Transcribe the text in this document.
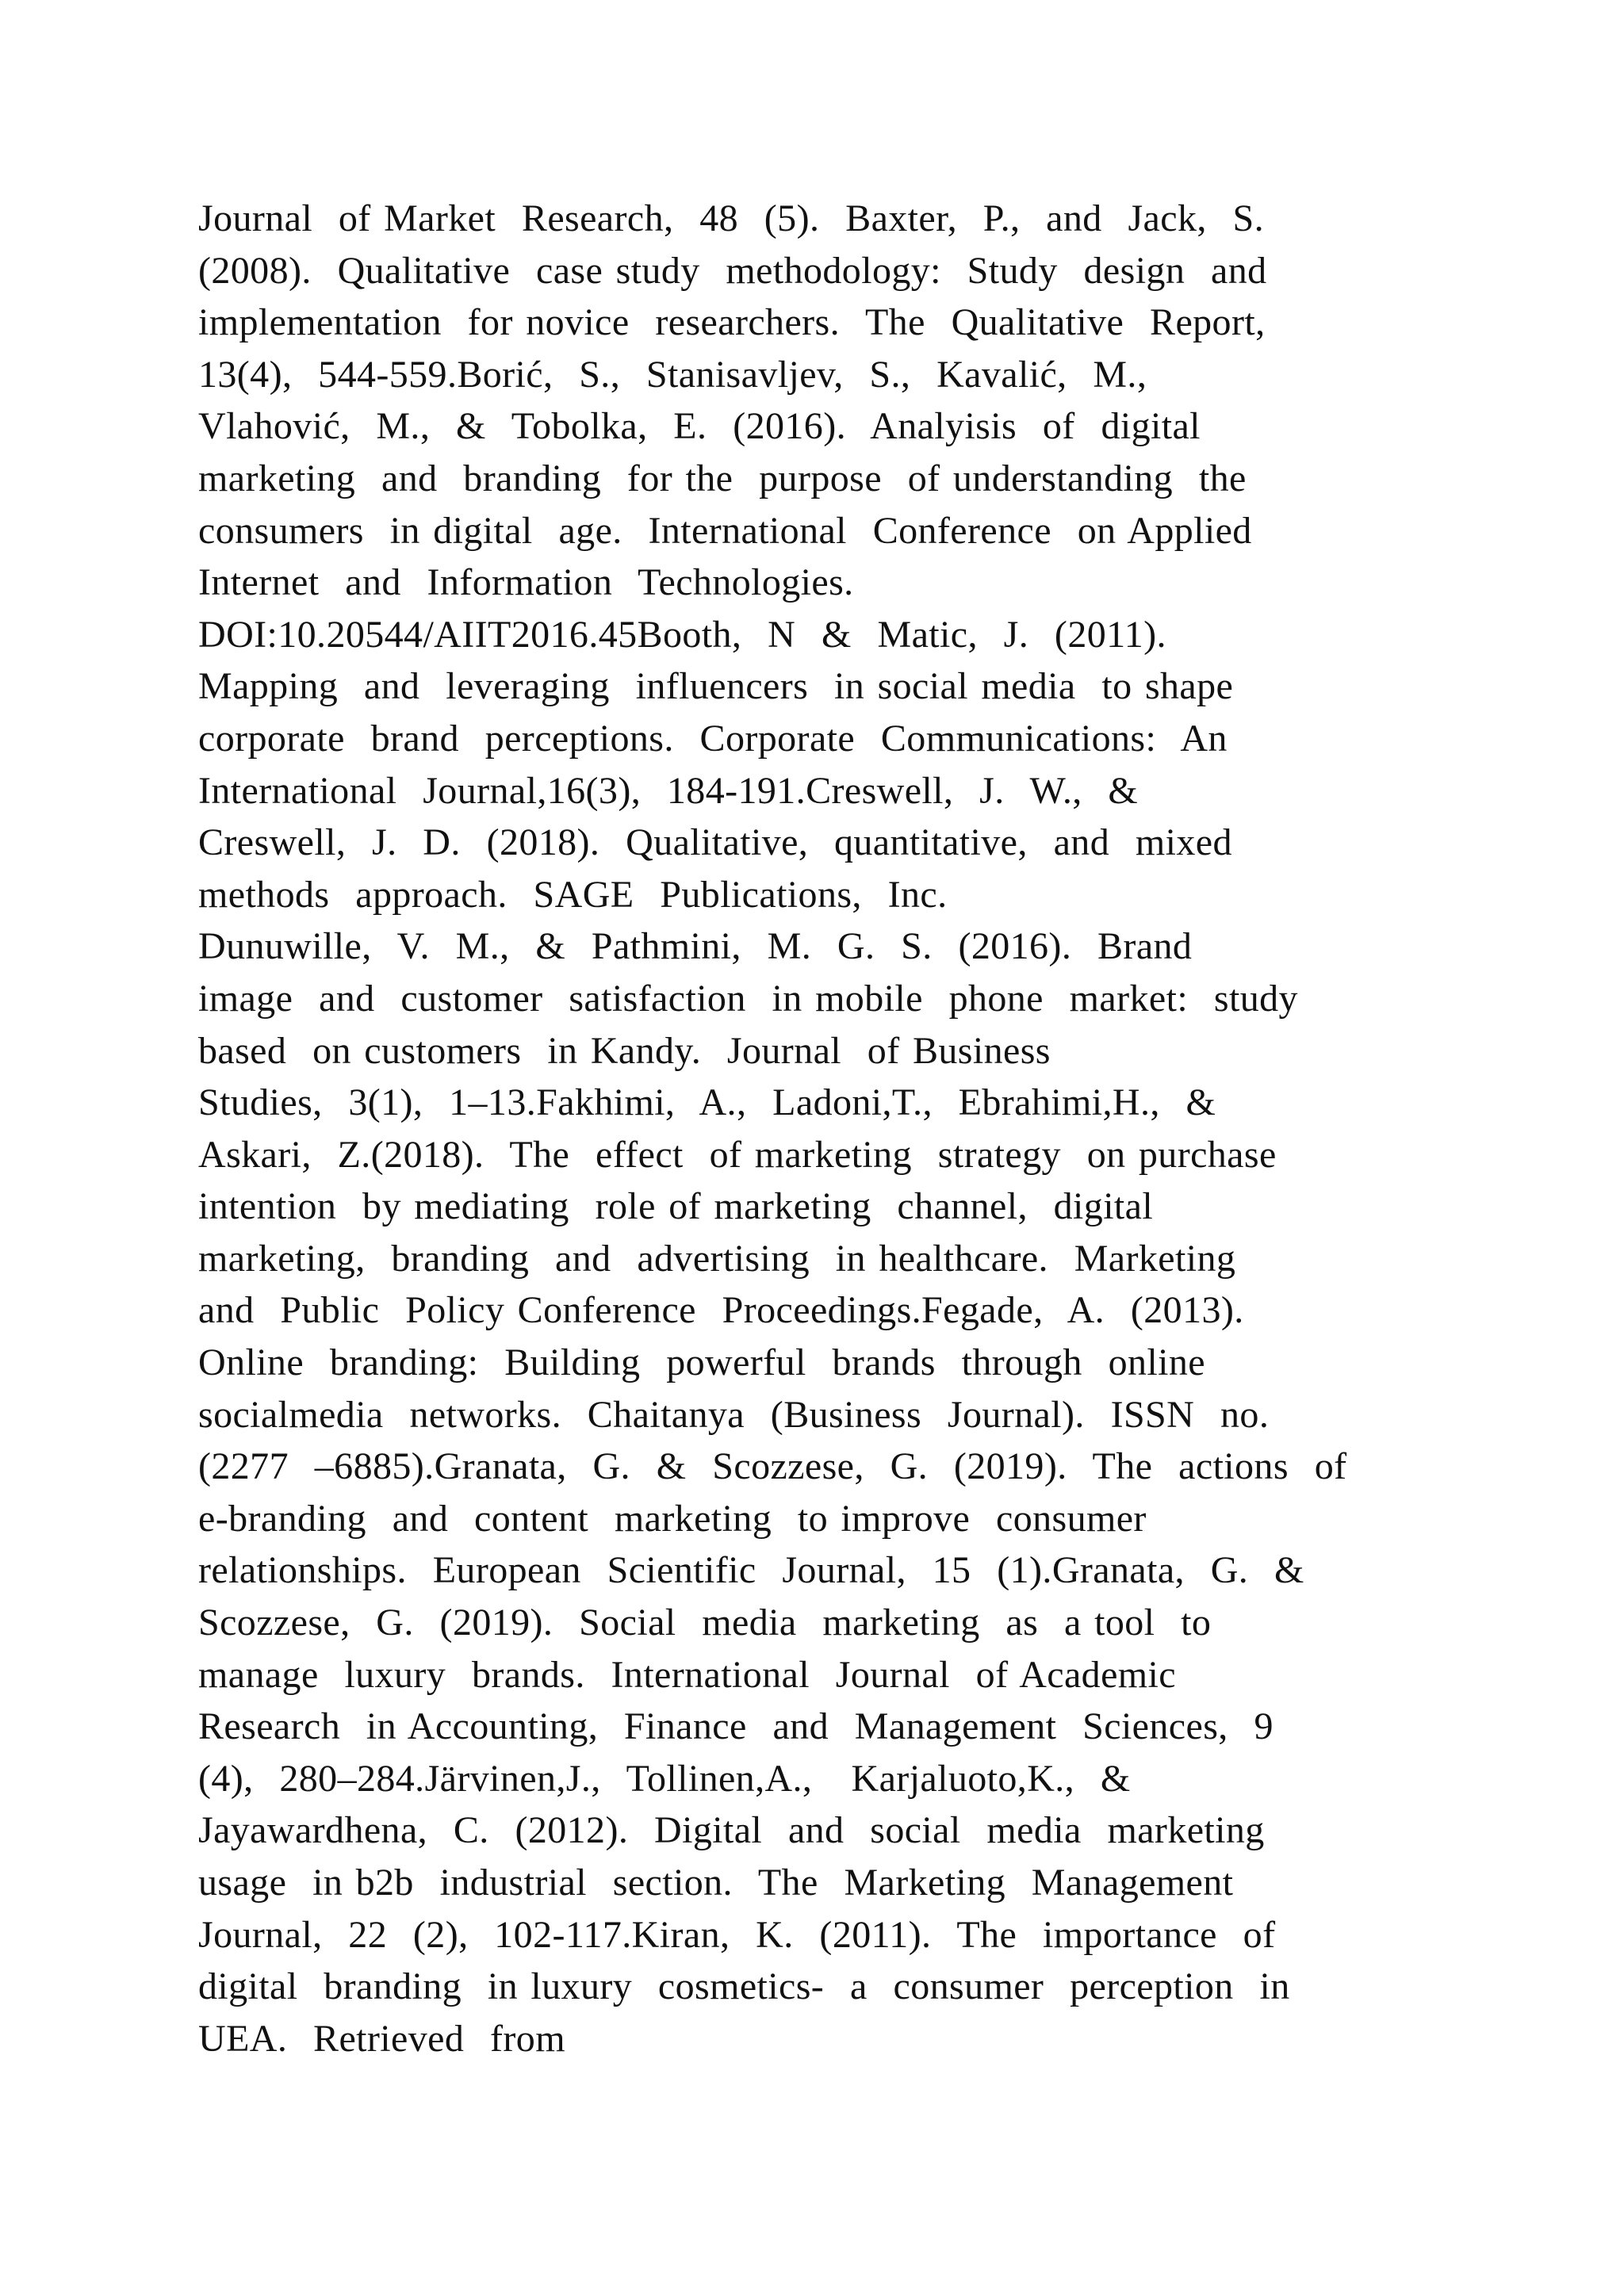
Journal  of Market  Research,  48  (5).  Baxter,  P.,  and  Jack,  S.
(2008).  Qualitative  case study  methodology:  Study  design  and
implementation  for novice  researchers.  The  Qualitative  Report,
13(4),  544-559.Borić,  S.,  Stanisavljev,  S.,  Kavalić,  M.,
Vlahović,  M.,  &  Tobolka,  E.  (2016).  Analyisis  of  digital
marketing  and  branding  for the  purpose  of understanding  the
consumers  in digital  age.  International  Conference  on Applied
Internet  and  Information  Technologies.
DOI:10.20544/AIIT2016.45Booth,  N  &  Matic,  J.  (2011).
Mapping  and  leveraging  influencers  in social media  to shape
corporate  brand  perceptions.  Corporate  Communications:  An
International  Journal,16(3),  184-191.Creswell,  J.  W.,  &
Creswell,  J.  D.  (2018).  Qualitative,  quantitative,  and  mixed
methods  approach.  SAGE  Publications,  Inc.
Dunuwille,  V.  M.,  &  Pathmini,  M.  G.  S.  (2016).  Brand
image  and  customer  satisfaction  in mobile  phone  market:  study
based  on customers  in Kandy.  Journal  of Business
Studies,  3(1),  1–13.Fakhimi,  A.,  Ladoni,T.,  Ebrahimi,H.,  &
Askari,  Z.(2018).  The  effect  of marketing  strategy  on purchase
intention  by mediating  role of marketing  channel,  digital
marketing,  branding  and  advertising  in healthcare.  Marketing
and  Public  Policy Conference  Proceedings.Fegade,  A.  (2013).
Online  branding:  Building  powerful  brands  through  online
socialmedia  networks.  Chaitanya  (Business  Journal).  ISSN  no.
(2277  –6885).Granata,  G.  &  Scozzese,  G.  (2019).  The  actions  of
e-branding  and  content  marketing  to improve  consumer
relationships.  European  Scientific  Journal,  15  (1).Granata,  G.  &
Scozzese,  G.  (2019).  Social  media  marketing  as  a tool  to
manage  luxury  brands.  International  Journal  of Academic
Research  in Accounting,  Finance  and  Management  Sciences,  9
(4),  280–284.Järvinen,J.,  Tollinen,A.,   Karjaluoto,K.,  &
Jayawardhena,  C.  (2012).  Digital  and  social  media  marketing
usage  in b2b  industrial  section.  The  Marketing  Management
Journal,  22  (2),  102-117.Kiran,  K.  (2011).  The  importance  of
digital  branding  in luxury  cosmetics-  a  consumer  perception  in
UEA.  Retrieved  from
